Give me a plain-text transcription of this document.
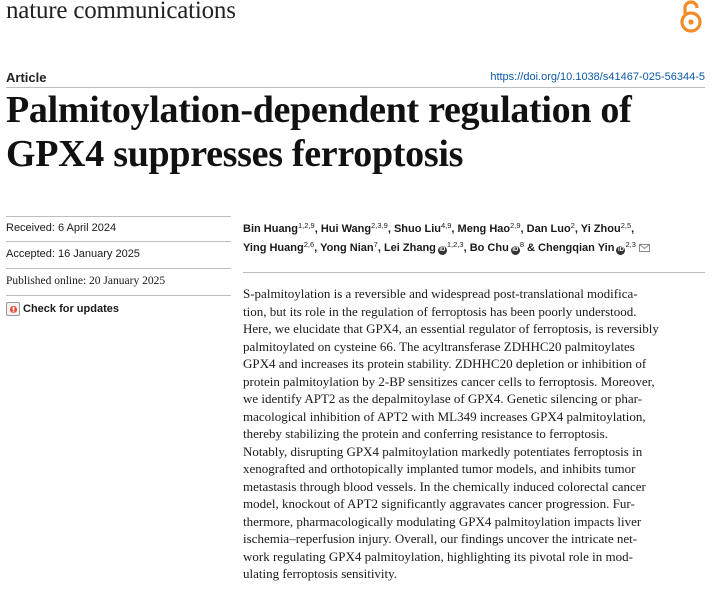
nature communications
Article	https://doi.org/10.1038/s41467-025-56344-5
Palmitoylation-dependent regulation of
GPX4 suppresses ferroptosis
Received: 6 April 2024
Accepted: 16 January 2025
Published online: 20 January 2025
Check for updates
Bin Huang$^{1,2,9}$, Hui Wang$^{2,3,9}$, Shuo Liu$^{4,9}$, Meng Hao$^{2,9}$, Dan Luo$^2$, Yi Zhou$^{2,5}$,
Ying Huang$^{2,6}$, Yong Nian$^7$, Lei Zhang iD$^{1,2,3}$, Bo Chu $iD^8$ & Chengqian Yin iD$^{2,3}$
S-palmitoylation is a reversible and widespread post-translational modifica-
tion, but its role in the regulation of ferroptosis has been poorly understood.
Here, we elucidate that GPX4, an essential regulator of ferroptosis, is reversibly
palmitoylated on cysteine 66. The acyltransferase ZDHHC20 palmitoylates
GPX4 and increases its protein stability. ZDHHC20 depletion or inhibition of
protein palmitoylation by 2-BP sensitizes cancer cells to ferroptosis. Moreover,
we identify APT2 as the depalmitoylase of GPX4. Genetic silencing or phar-
macological inhibition of APT2 with ML349 increases GPX4 palmitoylation,
thereby stabilizing the protein and conferring resistance to ferroptosis.
Notably, disrupting GPX4 palmitoylation markedly potentiates ferroptosis in
xenografted and orthotopically implanted tumor models, and inhibits tumor
metastasis through blood vessels. In the chemically induced colorectal cancer
model, knockout of APT2 significantly aggravates cancer progression. Fur-
thermore, pharmacologically modulating GPX4 palmitoylation impacts liver
ischemia–reperfusion injury. Overall, our findings uncover the intricate net-
work regulating GPX4 palmitoylation, highlighting its pivotal role in mod-
ulating ferroptosis sensitivity.
